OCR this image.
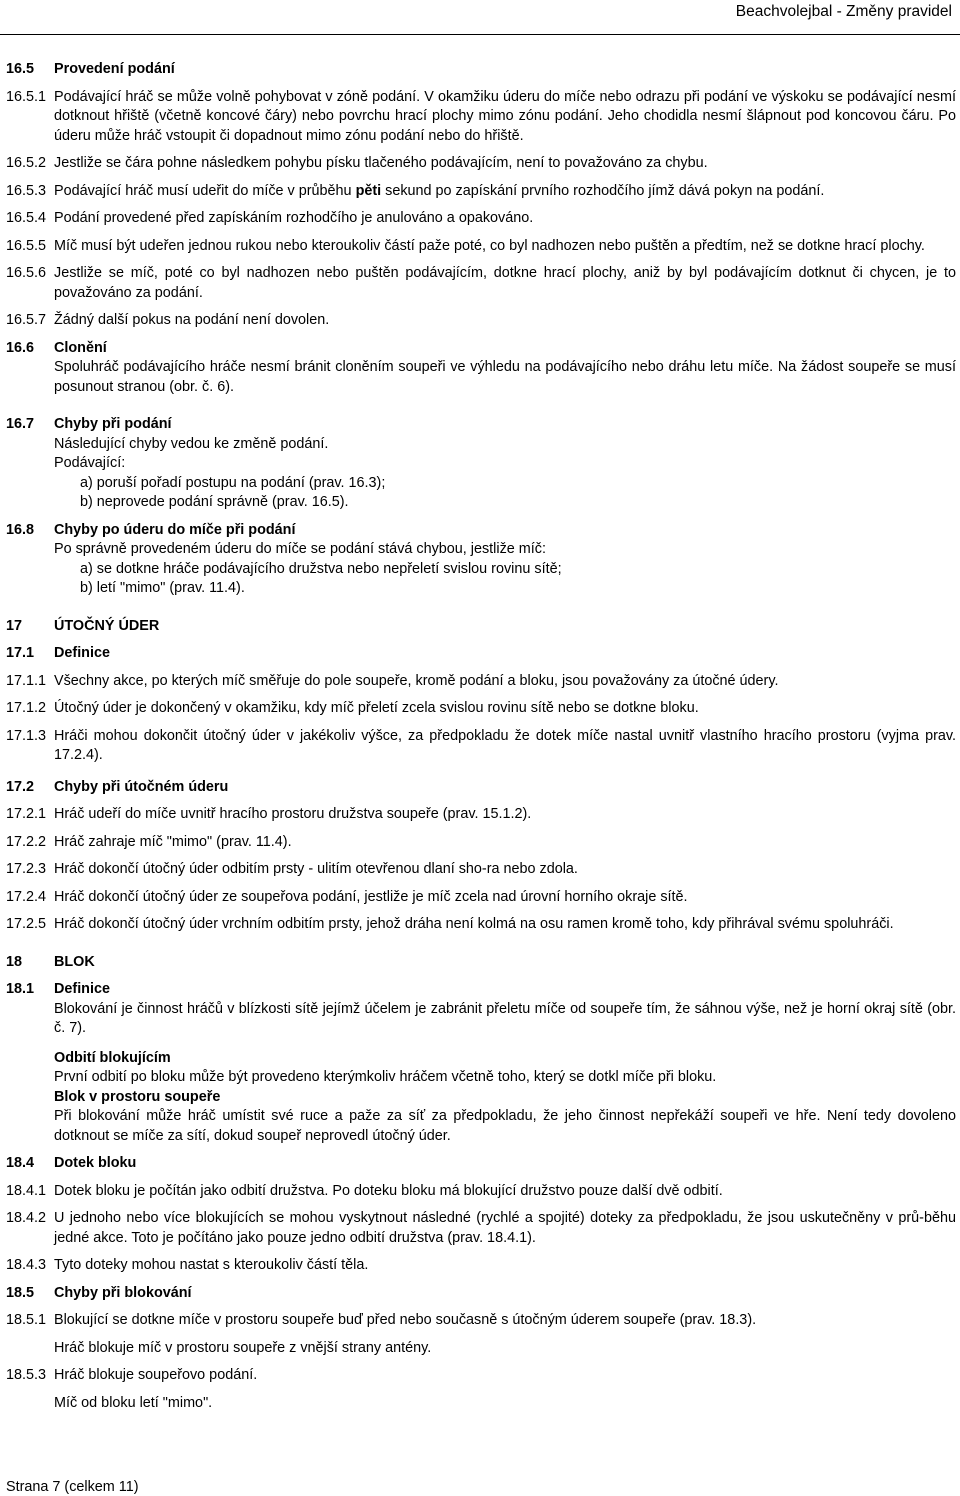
Beachvolejbal - Změny pravidel
16.5	Provedení podání
16.5.1 Podávající hráč se může volně pohybovat v zóně podání. V okamžiku úderu do míče nebo odrazu při podání ve výskoku se podávající nesmí dotknout hřiště (včetně koncové čáry) nebo povrchu hrací plochy mimo zónu podání. Jeho chodidla nesmí šlápnout pod koncovou čáru. Po úderu může hráč vstoupit či dopadnout mimo zónu podání nebo do hřiště.
16.5.2 Jestliže se čára pohne následkem pohybu písku tlačeného podávajícím, není to považováno za chybu.
16.5.3 Podávající hráč musí udeřit do míče v průběhu pěti sekund po zapískání prvního rozhodčího jímž dává pokyn na podání.
16.5.4 Podání provedené před zapískáním rozhodčího je anulováno a opakováno.
16.5.5 Míč musí být udeřen jednou rukou nebo kteroukoliv částí paže poté, co byl nadhozen nebo puštěn a předtím, než se dotkne hrací plochy.
16.5.6 Jestliže se míč, poté co byl nadhozen nebo puštěn podávajícím, dotkne hrací plochy, aniž by byl podávajícím dotknut či chycen, je to považováno za podání.
16.5.7 Žádný další pokus na podání není dovolen.
16.6	Clonění
Spoluhráč podávajícího hráče nesmí bránit cloněním soupeři ve výhledu na podávajícího nebo dráhu letu míče. Na žádost soupeře se musí posunout stranou (obr. č. 6).
16.7	Chyby při podání
Následující chyby vedou ke změně podání.
Podávající:
a) poruší pořadí postupu na podání (prav. 16.3);
b) neprovede podání správně (prav. 16.5).
16.8	Chyby po úderu do míče při podání
Po správně provedeném úderu do míče se podání stává chybou, jestliže míč:
a) se dotkne hráče podávajícího družstva nebo nepřeletí svislou rovinu sítě;
b) letí "mimo" (prav. 11.4).
17	ÚTOČNÝ ÚDER
17.1	Definice
17.1.1 Všechny akce, po kterých míč směřuje do pole soupeře, kromě podání a bloku, jsou považovány za útočné údery.
17.1.2 Útočný úder je dokončený v okamžiku, kdy míč přeletí zcela svislou rovinu sítě nebo se dotkne bloku.
17.1.3 Hráči mohou dokončit útočný úder v jakékoliv výšce, za předpokladu že dotek míče nastal uvnitř vlastního hracího prostoru (vyjma prav. 17.2.4).
17.2	Chyby při útočném úderu
17.2.1 Hráč udeří do míče uvnitř hracího prostoru družstva soupeře (prav. 15.1.2).
17.2.2 Hráč zahraje míč "mimo" (prav. 11.4).
17.2.3 Hráč dokončí útočný úder odbitím prsty - ulitím otevřenou dlaní sho-ra nebo zdola.
17.2.4 Hráč dokončí útočný úder ze soupeřova podání, jestliže je míč zcela nad úrovní horního okraje sítě.
17.2.5 Hráč dokončí útočný úder vrchním odbitím prsty, jehož dráha není kolmá na osu ramen kromě toho, kdy přihrával svému spoluhráči.
18	BLOK
18.1	Definice
Blokování je činnost hráčů v blízkosti sítě jejímž účelem je zabránit přeletu míče od soupeře tím, že sáhnou výše, než je horní okraj sítě (obr. č. 7).
Odbití blokujícím
První odbití po bloku může být provedeno kterýmkoliv hráčem včetně toho, který se dotkl míče při bloku.
Blok v prostoru soupeře
Při blokování může hráč umístit své ruce a paže za síť za předpokladu, že jeho činnost nepřekáží soupeři ve hře. Není tedy dovoleno dotknout se míče za sítí, dokud soupeř neprovedl útočný úder.
18.4	Dotek bloku
18.4.1 Dotek bloku je počítán jako odbití družstva. Po doteku bloku má blokující družstvo pouze další dvě odbití.
18.4.2 U jednoho nebo více blokujících se mohou vyskytnout následné (rychlé a spojité) doteky za předpokladu, že jsou uskutečněny v prů-běhu jedné akce. Toto je počítáno jako pouze jedno odbití družstva (prav. 18.4.1).
18.4.3 Tyto doteky mohou nastat s kteroukoliv částí těla.
18.5	Chyby při blokování
18.5.1 Blokující se dotkne míče v prostoru soupeře buď před nebo současně s útočným úderem soupeře (prav. 18.3).
Hráč blokuje míč v prostoru soupeře z vnější strany antény.
18.5.3 Hráč blokuje soupeřovo podání.
Míč od bloku letí "mimo".
Strana 7 (celkem 11)
